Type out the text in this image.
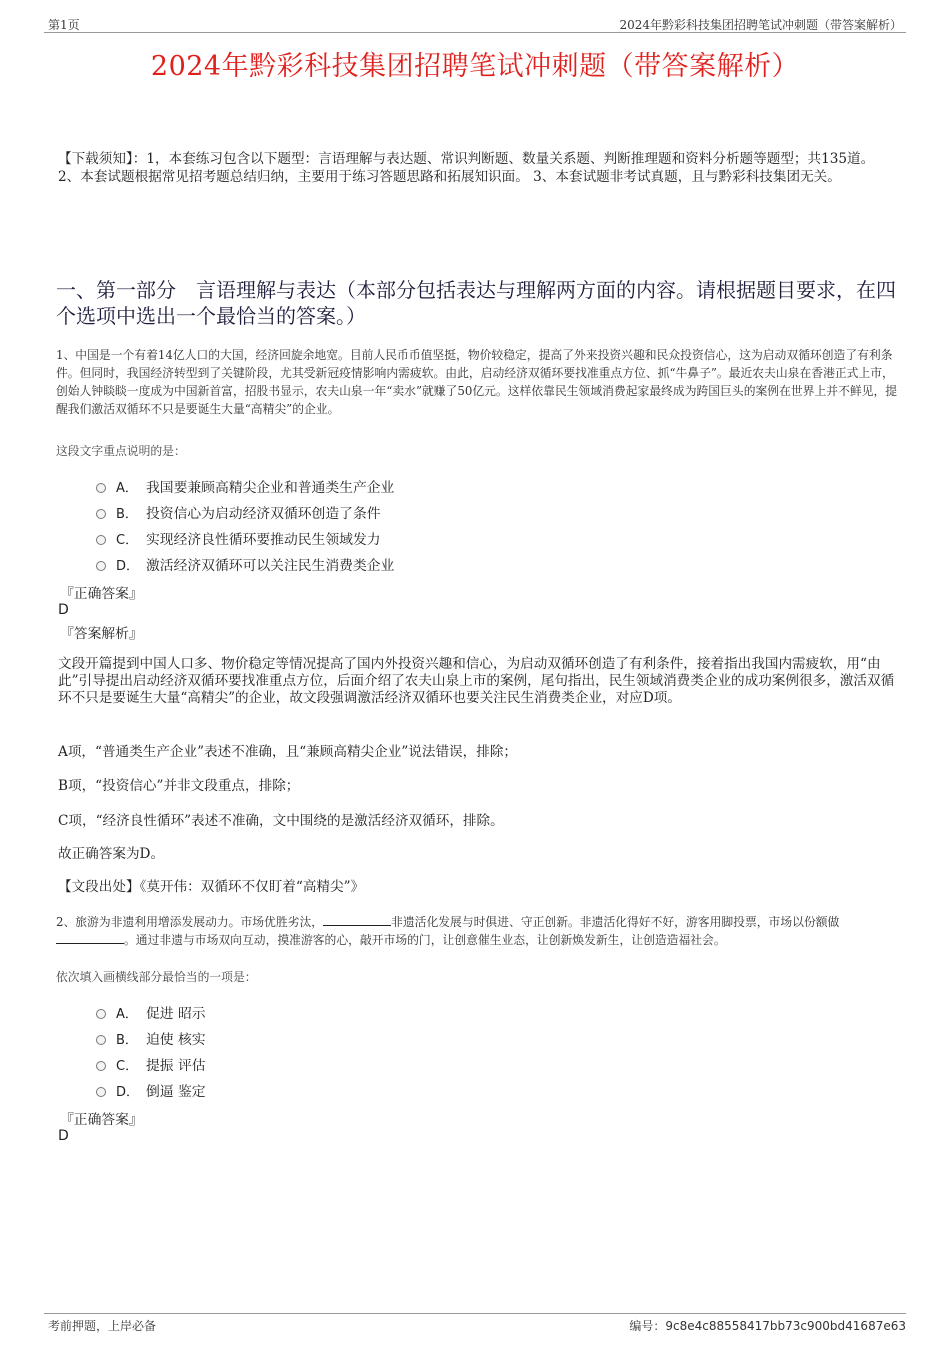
第1页	2024年黔彩科技集团招聘笔试冲刺题（带答案解析）
2024年黔彩科技集团招聘笔试冲刺题（带答案解析）
【下载须知】：1，本套练习包含以下题型：言语理解与表达题、常识判断题、数量关系题、判断推理题和资料分析题等题型；共135道。 2、本套试题根据常见招考题总结归纳，主要用于练习答题思路和拓展知识面。 3、本套试题非考试真题，且与黔彩科技集团无关。
一、第一部分　言语理解与表达（本部分包括表达与理解两方面的内容。请根据题目要求，在四个选项中选出一个最恰当的答案。）
1、中国是一个有着14亿人口的大国，经济回旋余地宽。目前人民币币值坚挺，物价较稳定，提高了外来投资兴趣和民众投资信心，这为启动双循环创造了有利条件。但同时，我国经济转型到了关键阶段，尤其受新冠疫情影响内需疲软。由此，启动经济双循环要找准重点方位、抓“牛鼻子”。最近农夫山泉在香港正式上市，创始人钟睒睒一度成为中国新首富，招股书显示，农夫山泉一年“卖水”就赚了50亿元。这样依靠民生领域消费起家最终成为跨国巨头的案例在世界上并不鲜见，提醒我们激活双循环不只是要诞生大量“高精尖”的企业。
这段文字重点说明的是：
A． 我国要兼顾高精尖企业和普通类生产企业
B． 投资信心为启动经济双循环创造了条件
C． 实现经济良性循环要推动民生领域发力
D． 激活经济双循环可以关注民生消费类企业
『正确答案』
D
『答案解析』
文段开篇提到中国人口多、物价稳定等情况提高了国内外投资兴趣和信心，为启动双循环创造了有利条件，接着指出我国内需疲软，用“由此”引导提出启动经济双循环要找准重点方位，后面介绍了农夫山泉上市的案例，尾句指出，民生领域消费类企业的成功案例很多，激活双循环不只是要诞生大量“高精尖”的企业，故文段强调激活经济双循环也要关注民生消费类企业，对应D项。
A项，“普通类生产企业”表述不准确，且“兼顾高精尖企业”说法错误，排除；
B项，“投资信心”并非文段重点，排除；
C项，“经济良性循环”表述不准确，文中围绕的是激活经济双循环，排除。
故正确答案为D。
【文段出处】《莫开伟：双循环不仅盯着“高精尖”》
2、旅游为非遗利用增添发展动力。市场优胜劣汰，	非遗活化发展与时俱进、守正创新。非遗活化得好不好，游客用脚投票，市场以份额做。通过非遗与市场双向互动，摸准游客的心，敲开市场的门，让创意催生业态，让创新焕发新生，让创造造福社会。
依次填入画横线部分最恰当的一项是：
A． 促进 昭示
B． 迫使 核实
C． 提振 评估
D． 倒逼 鉴定
『正确答案』
D
考前押题，上岸必备	编号：9c8e4c88558417bb73c900bd41687e63
